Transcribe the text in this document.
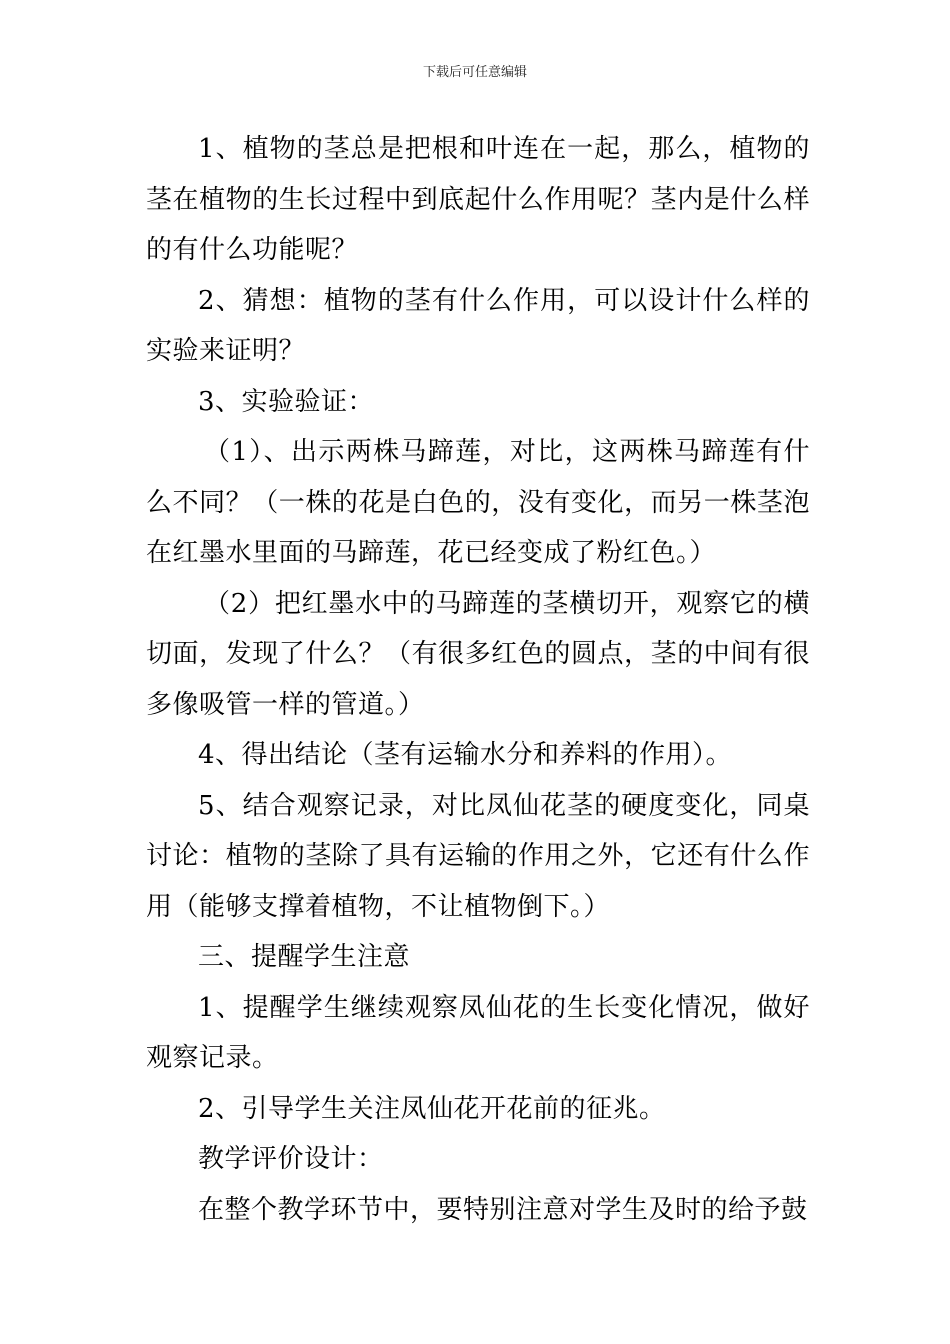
下载后可任意编辑

1、植物的茎总是把根和叶连在一起，那么，植物的茎在植物的生长过程中到底起什么作用呢？茎内是什么样的有什么功能呢？

2、猜想：植物的茎有什么作用，可以设计什么样的实验来证明？

3、实验验证：

（1）、出示两株马蹄莲，对比，这两株马蹄莲有什么不同？（一株的花是白色的，没有变化，而另一株茎泡在红墨水里面的马蹄莲，花已经变成了粉红色。）

（2）把红墨水中的马蹄莲的茎横切开，观察它的横切面，发现了什么？（有很多红色的圆点，茎的中间有很多像吸管一样的管道。）

4、得出结论（茎有运输水分和养料的作用）。

5、结合观察记录，对比凤仙花茎的硬度变化，同桌讨论：植物的茎除了具有运输的作用之外，它还有什么作用（能够支撑着植物，不让植物倒下。）

三、提醒学生注意

1、提醒学生继续观察凤仙花的生长变化情况，做好观察记录。

2、引导学生关注凤仙花开花前的征兆。

教学评价设计：

在整个教学环节中，要特别注意对学生及时的给予鼓
